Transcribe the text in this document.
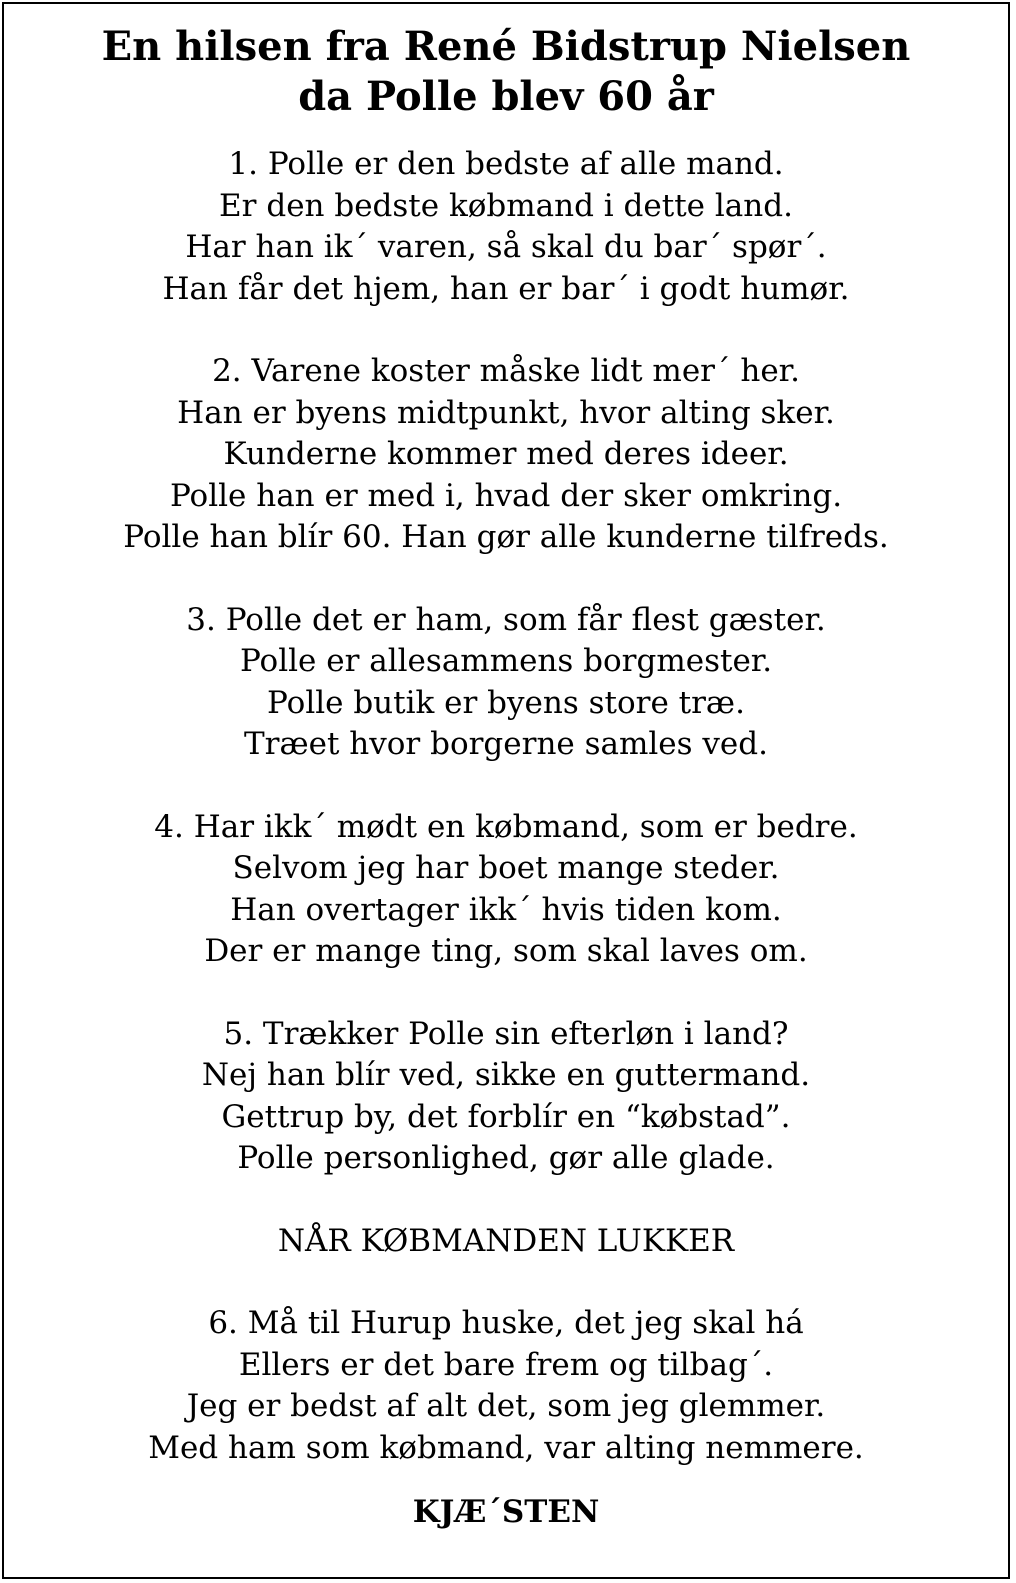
En hilsen fra René Bidstrup Nielsen
da Polle blev 60 år
1. Polle er den bedste af alle mand.
Er den bedste købmand i dette land.
Har han ik´ varen, så skal du bar´ spør´.
Han får det hjem, han er bar´ i godt humør.
2. Varene koster måske lidt mer´ her.
Han er byens midtpunkt, hvor alting sker.
Kunderne kommer med deres ideer.
Polle han er med i, hvad der sker omkring.
Polle han blír 60. Han gør alle kunderne tilfreds.
3. Polle det er ham, som får flest gæster.
Polle er allesammens borgmester.
Polle butik er byens store træ.
Træet hvor borgerne samles ved.
4. Har ikk´ mødt en købmand, som er bedre.
Selvom jeg har boet mange steder.
Han overtager ikk´ hvis tiden kom.
Der er mange ting, som skal laves om.
5. Trækker Polle sin efterløn i land?
Nej han blír ved, sikke en guttermand.
Gettrup by, det forblír en “købstad”.
Polle personlighed, gør alle glade.
NÅR KØBMANDEN LUKKER
6. Må til Hurup huske, det jeg skal há
Ellers er det bare frem og tilbag´.
Jeg er bedst af alt det, som jeg glemmer.
Med ham som købmand, var alting nemmere.
KJÆ´STEN
